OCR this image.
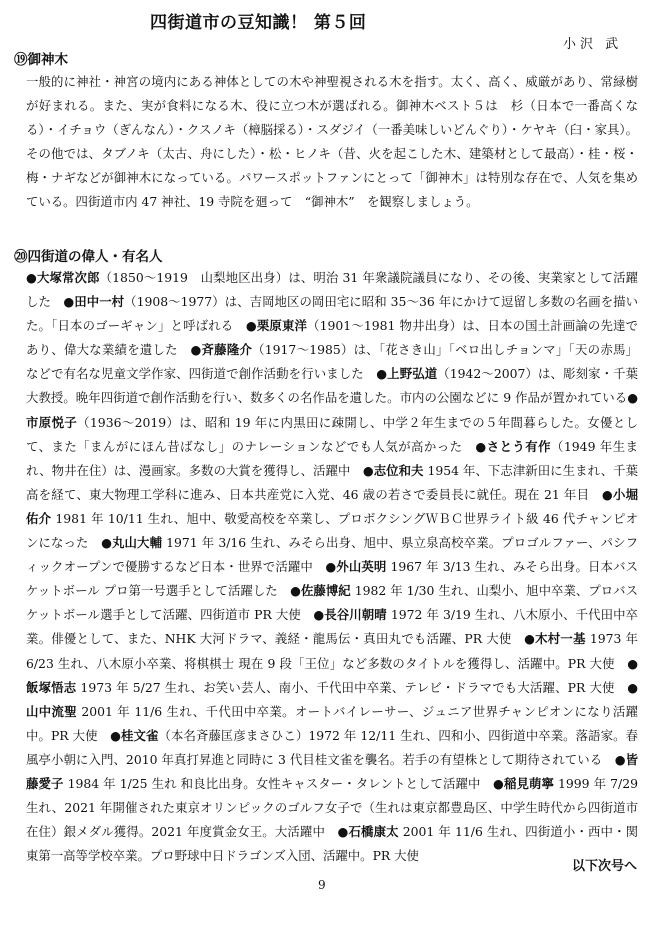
四街道市の豆知識！ 第５回
小沢 武
⑲御神木
一般的に神社・神宮の境内にある神体としての木や神聖視される木を指す。太く、高く、威厳があり、常緑樹が好まれる。また、実が食料になる木、役に立つ木が選ばれる。御神木ベスト５は　杉（日本で一番高くなる）・イチョウ（ぎんなん）・クスノキ（樟脳採る）・スダジイ（一番美味しいどんぐり）・ケヤキ（臼・家具）。その他では、タブノキ（太古、舟にした）・松・ヒノキ（昔、火を起こした木、建築材として最高）・桂・桜・梅・ナギなどが御神木になっている。パワースポットファンにとって「御神木」は特別な存在で、人気を集めている。四街道市内 47 神社、19 寺院を廻って　“御神木”　を観察しましょう。
⑳四街道の偉人・有名人
●大塚常次郎（1850～1919　山梨地区出身）は、明治 31 年衆議院議員になり、その後、実業家として活躍した　●田中一村（1908～1977）は、吉岡地区の岡田宅に昭和 35～36 年にかけて逗留し多数の名画を描いた。「日本のゴーギャン」と呼ばれる　●栗原東洋（1901～1981 物井出身）は、日本の国土計画論の先達であり、偉大な業績を遺した　●斉藤隆介（1917～1985）は、「花さき山」「ベロ出しチョンマ」「天の赤馬」などで有名な児童文学作家、四街道で創作活動を行いました　●上野弘道（1942～2007）は、彫刻家・千葉大教授。晩年四街道で創作活動を行い、数多くの名作品を遺した。市内の公園などに 9 作品が置かれている●市原悦子（1936～2019）は、昭和 19 年に内黒田に疎開し、中学２年生までの５年間暮らした。女優として、また「まんがにほん昔ばなし」のナレーションなどでも人気が高かった　●さとう有作（1949 年生まれ、物井在住）は、漫画家。多数の大賞を獲得し、活躍中　●志位和夫 1954 年、下志津新田に生まれ、千葉高を経て、東大物理工学科に進み、日本共産党に入党、46 歳の若さで委員長に就任。現在 21 年目　●小堀佑介 1981 年 10/11 生れ、旭中、敬愛高校を卒業し、プロボクシングＷＢＣ世界ライト級 46 代チャンピオンになった　●丸山大輔 1971 年 3/16 生れ、みそら出身、旭中、県立泉高校卒業。プロゴルファー、パシフィックオープンで優勝するなど日本・世界で活躍中　●外山英明 1967 年 3/13 生れ、みそら出身。日本バスケットボール プロ第一号選手として活躍した　●佐藤博紀 1982 年 1/30 生れ、山梨小、旭中卒業、プロバスケットボール選手として活躍、四街道市 PR 大使　●長谷川朝晴 1972 年 3/19 生れ、八木原小、千代田中卒業。俳優として、また、NHK 大河ドラマ、義経・龍馬伝・真田丸でも活躍、PR 大使　●木村一基 1973 年 6/23 生れ、八木原小卒業、将棋棋士 現在 9 段「王位」など多数のタイトルを獲得し、活躍中。PR 大使　●飯塚悟志 1973 年 5/27 生れ、お笑い芸人、南小、千代田中卒業、テレビ・ドラマでも大活躍、PR 大使　●山中流聖 2001 年 11/6 生れ、千代田中卒業。オートバイレーサー、ジュニア世界チャンピオンになり活躍中。PR 大使　●桂文雀（本名斉藤匡彦まさひこ）1972 年 12/11 生れ、四和小、四街道中卒業。落語家。春風亭小朝に入門、2010 年真打昇進と同時に 3 代目桂文雀を襲名。若手の有望株として期待されている　●皆藤愛子 1984 年 1/25 生れ 和良比出身。女性キャスター・タレントとして活躍中　●稲見萌寧 1999 年 7/29 生れ、2021 年開催された東京オリンピックのゴルフ女子で（生れは東京都豊島区、中学生時代から四街道市在住）銀メダル獲得。2021 年度賞金女王。大活躍中　●石橋康太 2001 年 11/6 生れ、四街道小・西中・関東第一高等学校卒業。プロ野球中日ドラゴンズ入団、活躍中。PR 大使
以下次号へ
9
